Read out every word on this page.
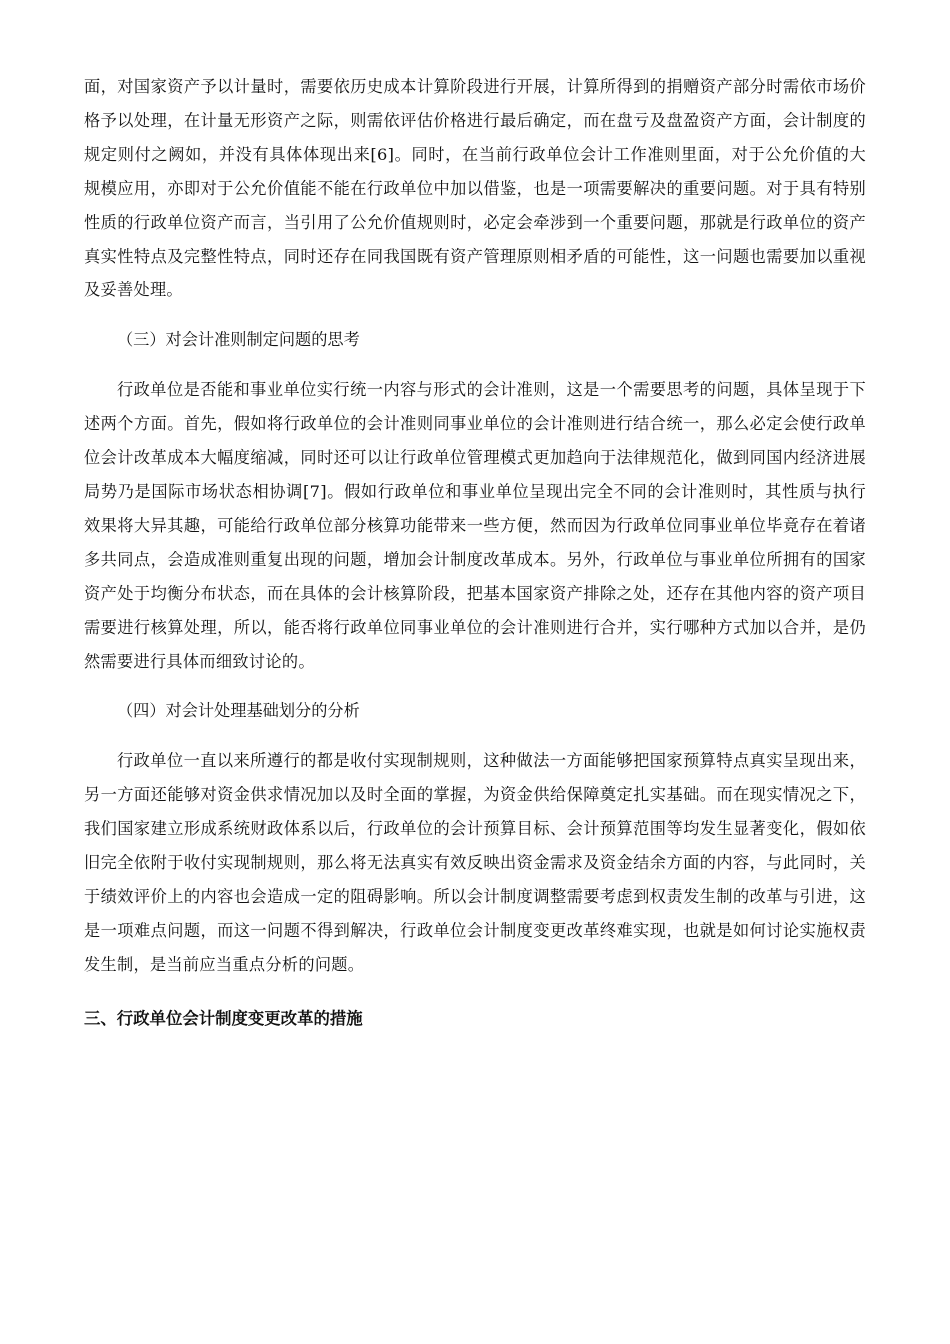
面，对国家资产予以计量时，需要依历史成本计算阶段进行开展，计算所得到的捐赠资产部分时需依市场价格予以处理，在计量无形资产之际，则需依评估价格进行最后确定，而在盘亏及盘盈资产方面，会计制度的规定则付之阙如，并没有具体体现出来[6]。同时，在当前行政单位会计工作准则里面，对于公允价值的大规模应用，亦即对于公允价值能不能在行政单位中加以借鉴，也是一项需要解决的重要问题。对于具有特别性质的行政单位资产而言，当引用了公允价值规则时，必定会牵涉到一个重要问题，那就是行政单位的资产真实性特点及完整性特点，同时还存在同我国既有资产管理原则相矛盾的可能性，这一问题也需要加以重视及妥善处理。

（三）对会计准则制定问题的思考

行政单位是否能和事业单位实行统一内容与形式的会计准则，这是一个需要思考的问题，具体呈现于下述两个方面。首先，假如将行政单位的会计准则同事业单位的会计准则进行结合统一，那么必定会使行政单位会计改革成本大幅度缩减，同时还可以让行政单位管理模式更加趋向于法律规范化，做到同国内经济进展局势乃是国际市场状态相协调[7]。假如行政单位和事业单位呈现出完全不同的会计准则时，其性质与执行效果将大异其趣，可能给行政单位部分核算功能带来一些方便，然而因为行政单位同事业单位毕竟存在着诸多共同点，会造成准则重复出现的问题，增加会计制度改革成本。另外，行政单位与事业单位所拥有的国家资产处于均衡分布状态，而在具体的会计核算阶段，把基本国家资产排除之处，还存在其他内容的资产项目需要进行核算处理，所以，能否将行政单位同事业单位的会计准则进行合并，实行哪种方式加以合并，是仍然需要进行具体而细致讨论的。

（四）对会计处理基础划分的分析

行政单位一直以来所遵行的都是收付实现制规则，这种做法一方面能够把国家预算特点真实呈现出来，另一方面还能够对资金供求情况加以及时全面的掌握，为资金供给保障奠定扎实基础。而在现实情况之下，我们国家建立形成系统财政体系以后，行政单位的会计预算目标、会计预算范围等均发生显著变化，假如依旧完全依附于收付实现制规则，那么将无法真实有效反映出资金需求及资金结余方面的内容，与此同时，关于绩效评价上的内容也会造成一定的阻碍影响。所以会计制度调整需要考虑到权责发生制的改革与引进，这是一项难点问题，而这一问题不得到解决，行政单位会计制度变更改革终难实现，也就是如何讨论实施权责发生制，是当前应当重点分析的问题。

三、行政单位会计制度变更改革的措施
